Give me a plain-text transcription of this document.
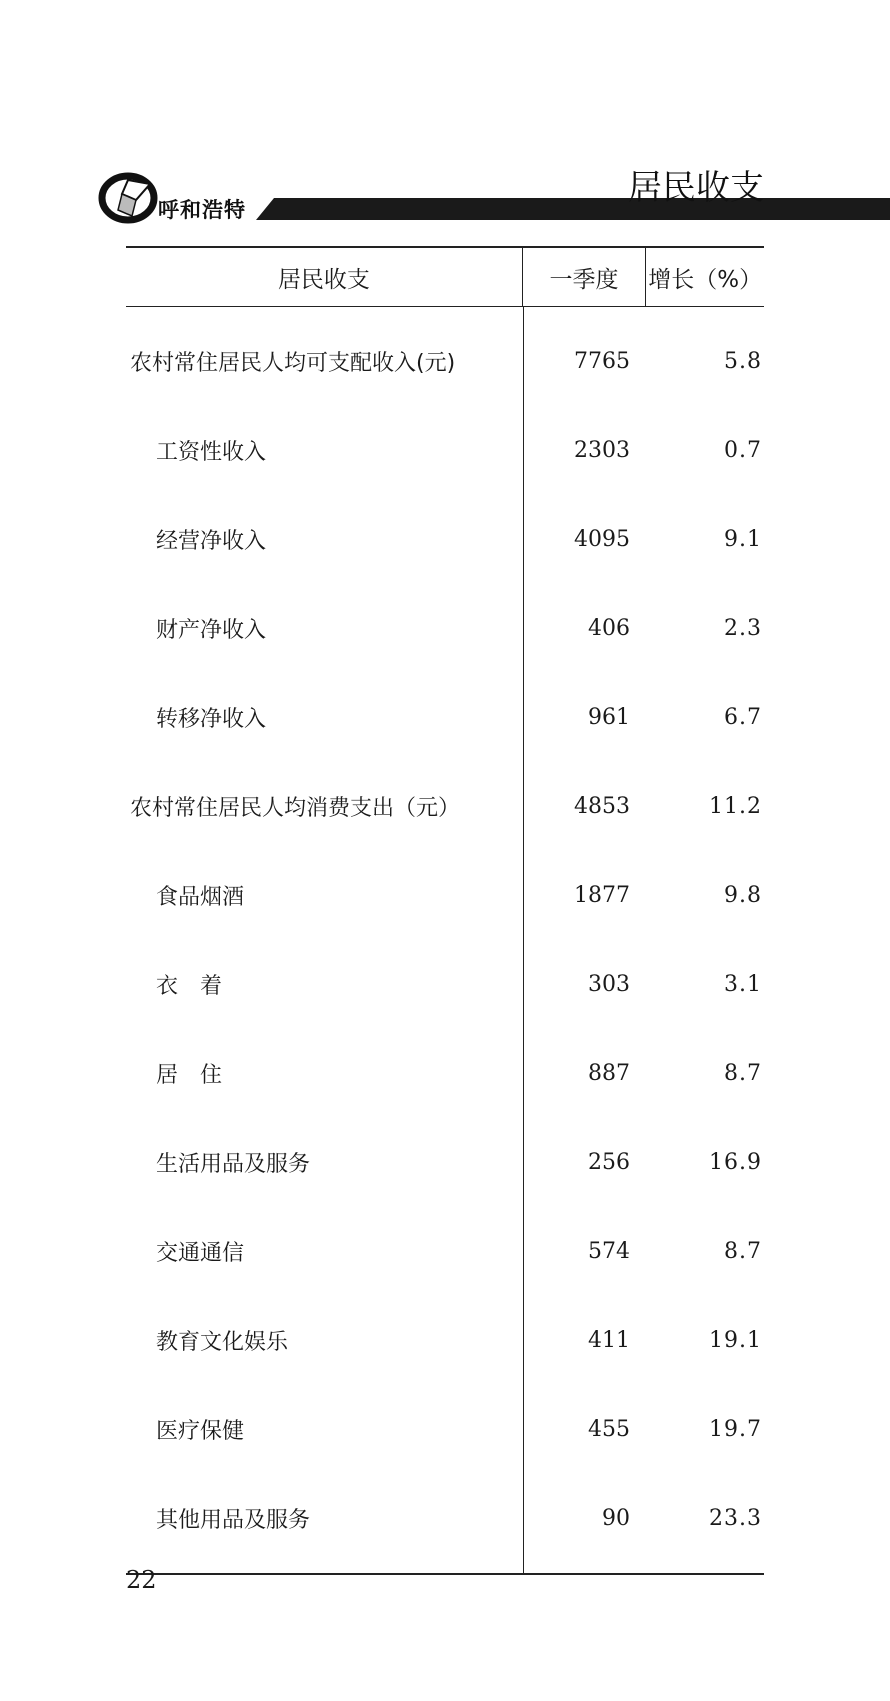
呼和浩特
居民收支
居民收支	一季度	增长（%）
农村常住居民人均可支配收入(元)	7765	5.8
工资性收入	2303	0.7
经营净收入	4095	9.1
财产净收入	406	2.3
转移净收入	961	6.7
农村常住居民人均消费支出（元）	4853	11.2
食品烟酒	1877	9.8
衣　着	303	3.1
居　住	887	8.7
生活用品及服务	256	16.9
交通通信	574	8.7
教育文化娱乐	411	19.1
医疗保健	455	19.7
其他用品及服务	90	23.3
22
